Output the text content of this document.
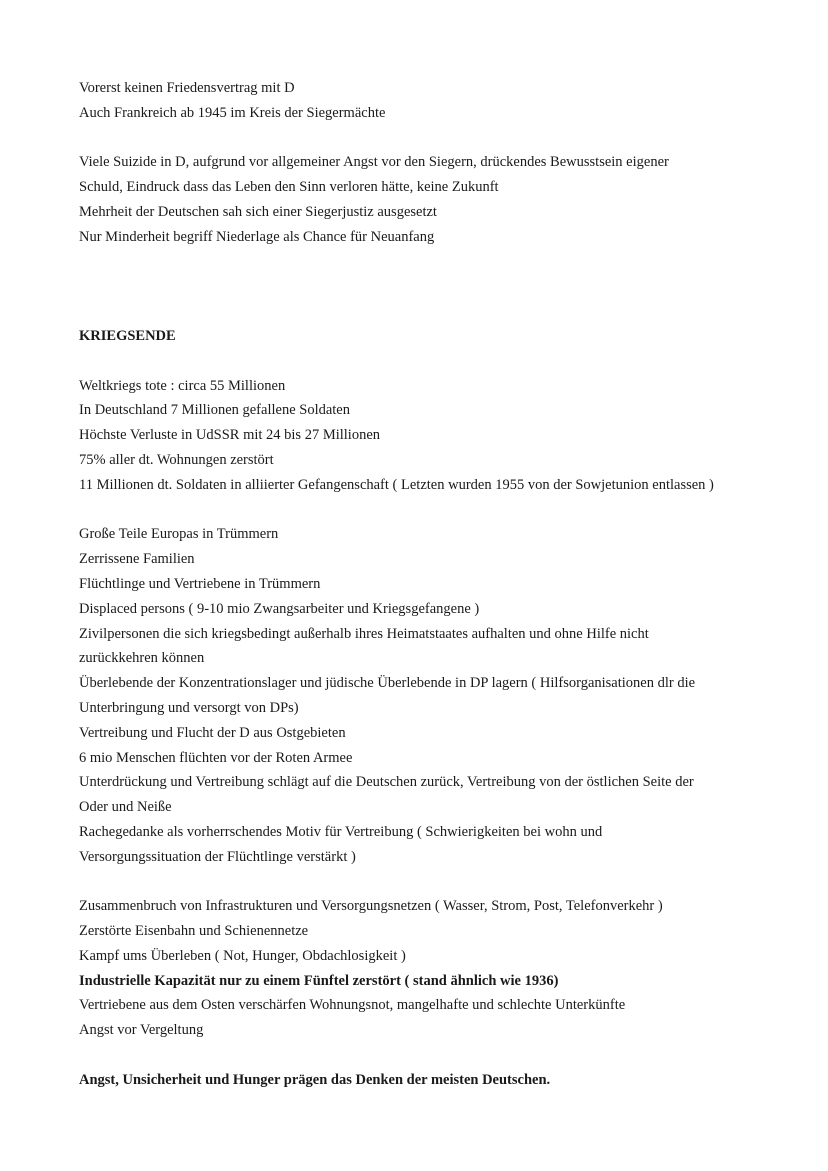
Vorerst keinen Friedensvertrag mit D

Auch Frankreich ab 1945 im Kreis der Siegermächte

Viele Suizide in D, aufgrund vor allgemeiner Angst vor den Siegern, drückendes Bewusstsein eigener

Schuld, Eindruck dass das Leben den Sinn verloren hätte, keine Zukunft

Mehrheit der Deutschen sah sich einer Siegerjustiz ausgesetzt

Nur Minderheit begriff Niederlage als Chance für Neuanfang

KRIEGSENDE

Weltkriegs tote : circa 55 Millionen

In Deutschland 7 Millionen gefallene Soldaten

Höchste Verluste in UdSSR mit 24 bis 27 Millionen

75% aller dt. Wohnungen zerstört

11 Millionen dt. Soldaten in alliierter Gefangenschaft ( Letzten wurden 1955 von der Sowjetunion entlassen )

Große Teile Europas in Trümmern

Zerrissene Familien

Flüchtlinge und Vertriebene in Trümmern

Displaced persons ( 9-10 mio Zwangsarbeiter und Kriegsgefangene )

Zivilpersonen die sich kriegsbedingt außerhalb ihres Heimatstaates aufhalten und ohne Hilfe nicht

zurückkehren können

Überlebende der Konzentrationslager und jüdische Überlebende in DP lagern ( Hilfsorganisationen dlr die

Unterbringung und versorgt von DPs)

Vertreibung und Flucht der D aus Ostgebieten

6 mio Menschen flüchten vor der Roten Armee

Unterdrückung und Vertreibung schlägt auf die Deutschen zurück, Vertreibung von der östlichen Seite der

Oder und Neiße

Rachegedanke als vorherrschendes Motiv für Vertreibung ( Schwierigkeiten bei wohn und

Versorgungssituation der Flüchtlinge verstärkt )

Zusammenbruch von Infrastrukturen und Versorgungsnetzen ( Wasser, Strom, Post, Telefonverkehr )

Zerstörte Eisenbahn und Schienennetze

Kampf ums Überleben ( Not, Hunger, Obdachlosigkeit )

Industrielle Kapazität nur zu einem Fünftel zerstört ( stand ähnlich wie 1936)

Vertriebene aus dem Osten verschärfen Wohnungsnot, mangelhafte und schlechte Unterkünfte

Angst vor Vergeltung

Angst, Unsicherheit und Hunger prägen das Denken der meisten Deutschen.
